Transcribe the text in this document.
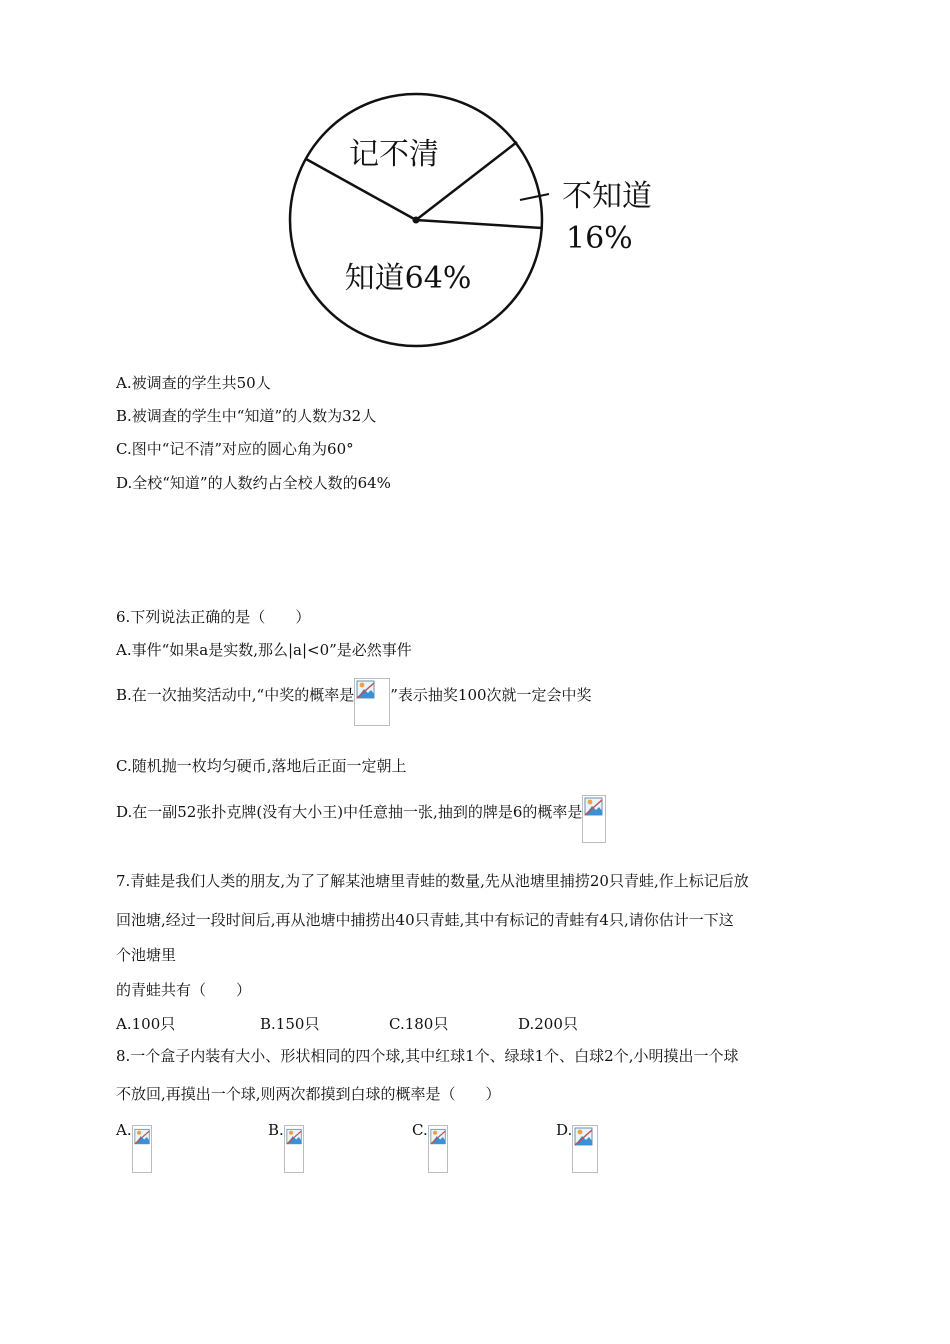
记不清
不知道
16%
知道64%
A.被调查的学生共50人
B.被调查的学生中“知道”的人数为32人
C.图中“记不清”对应的圆心角为60°
D.全校“知道”的人数约占全校人数的64%
6.下列说法正确的是（　　）
A.事件“如果a是实数,那么|a|<0”是必然事件
B.在一次抽奖活动中,“中奖的概率是 ”表示抽奖100次就一定会中奖
C.随机抛一枚均匀硬币,落地后正面一定朝上
D.在一副52张扑克牌(没有大小王)中任意抽一张,抽到的牌是6的概率是
7.青蛙是我们人类的朋友,为了了解某池塘里青蛙的数量,先从池塘里捕捞20只青蛙,作上标记后放
回池塘,经过一段时间后,再从池塘中捕捞出40只青蛙,其中有标记的青蛙有4只,请你估计一下这
个池塘里
的青蛙共有（　　）
A.100只	B.150只	C.180只	D.200只
8.一个盒子内装有大小、形状相同的四个球,其中红球1个、绿球1个、白球2个,小明摸出一个球
不放回,再摸出一个球,则两次都摸到白球的概率是（　　）
A.	B.	C.	D.
